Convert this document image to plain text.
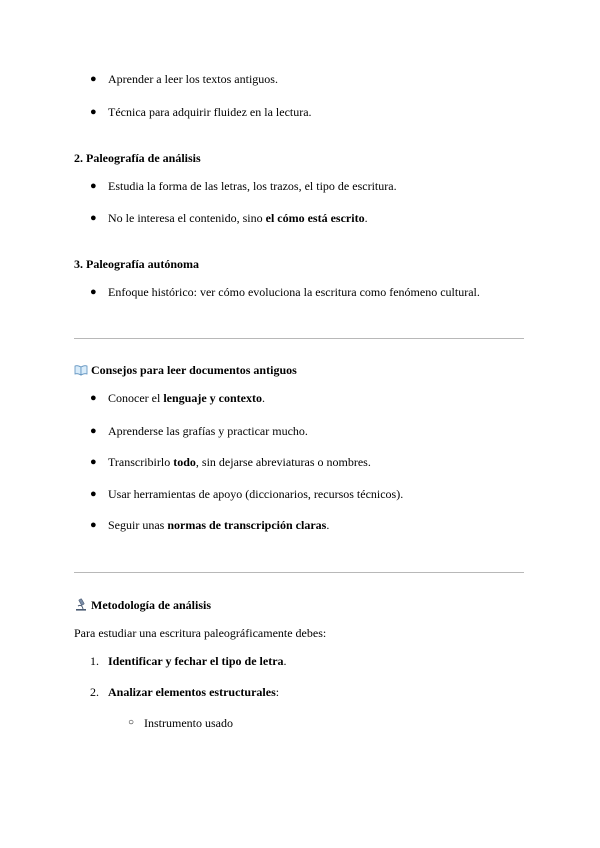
● Aprender a leer los textos antiguos.
● Técnica para adquirir fluidez en la lectura.
2. Paleografía de análisis
● Estudia la forma de las letras, los trazos, el tipo de escritura.
● No le interesa el contenido, sino el cómo está escrito.
3. Paleografía autónoma
● Enfoque histórico: ver cómo evoluciona la escritura como fenómeno cultural.
Consejos para leer documentos antiguos
● Conocer el lenguaje y contexto.
● Aprenderse las grafías y practicar mucho.
● Transcribirlo todo, sin dejarse abreviaturas o nombres.
● Usar herramientas de apoyo (diccionarios, recursos técnicos).
● Seguir unas normas de transcripción claras.
Metodología de análisis
Para estudiar una escritura paleográficamente debes:
1. Identificar y fechar el tipo de letra.
2. Analizar elementos estructurales:
○ Instrumento usado
